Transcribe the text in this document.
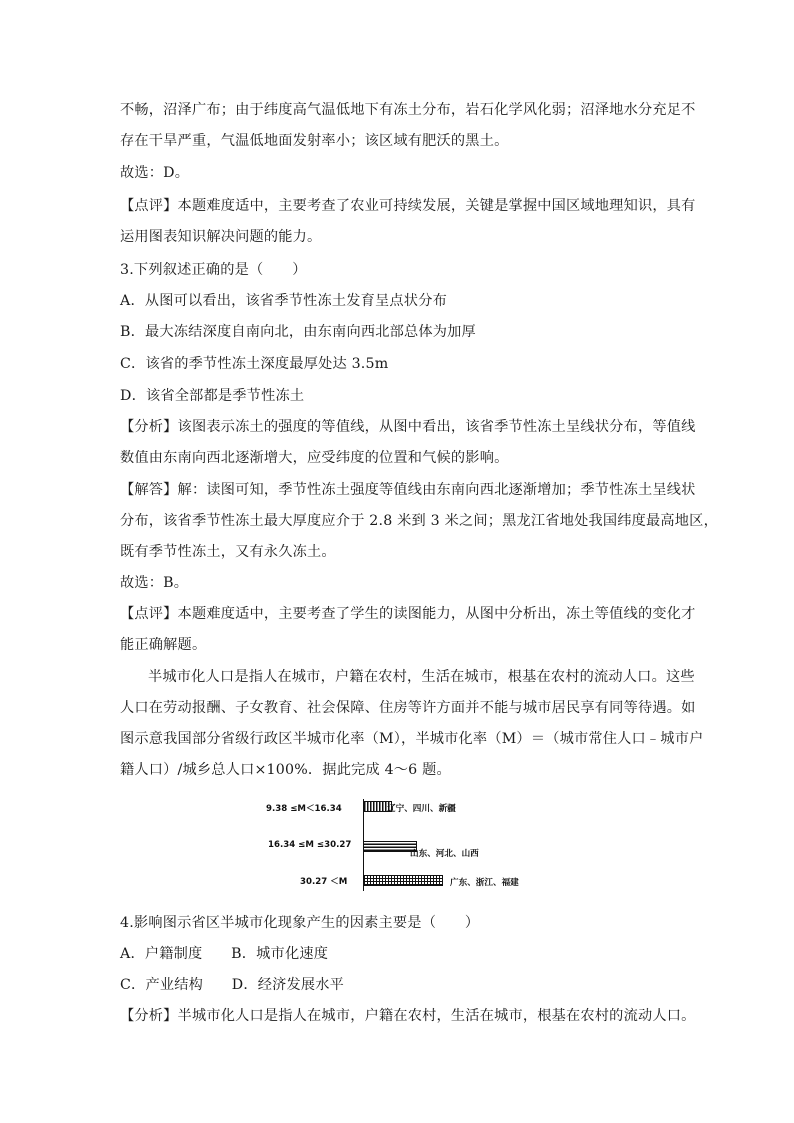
不畅，沼泽广布；由于纬度高气温低地下有冻土分布，岩石化学风化弱；沼泽地水分充足不
存在干旱严重，气温低地面发射率小；该区域有肥沃的黑土。
故选：D。
【点评】本题难度适中，主要考查了农业可持续发展，关键是掌握中国区域地理知识，具有
运用图表知识解决问题的能力。
3.下列叙述正确的是（　　）
A．从图可以看出，该省季节性冻土发育呈点状分布
B．最大冻结深度自南向北，由东南向西北部总体为加厚
C．该省的季节性冻土深度最厚处达 3.5m
D．该省全部都是季节性冻土
【分析】该图表示冻土的强度的等值线，从图中看出，该省季节性冻土呈线状分布，等值线
数值由东南向西北逐渐增大，应受纬度的位置和气候的影响。
【解答】解：读图可知，季节性冻土强度等值线由东南向西北逐渐增加；季节性冻土呈线状
分布，该省季节性冻土最大厚度应介于 2.8 米到 3 米之间；黑龙江省地处我国纬度最高地区，
既有季节性冻土，又有永久冻土。
故选：B。
【点评】本题难度适中，主要考查了学生的读图能力，从图中分析出，冻土等值线的变化才
能正确解题。
半城市化人口是指人在城市，户籍在农村，生活在城市，根基在农村的流动人口。这些
人口在劳动报酬、子女教育、社会保障、住房等许方面并不能与城市居民享有同等待遇。如
图示意我国部分省级行政区半城市化率（M），半城市化率（M）＝（城市常住人口﹣城市户
籍人口）/城乡总人口×100%．据此完成 4～6 题。
9.38 ≤M＜16.34	辽宁、四川、新疆
16.34 ≤M ≤30.27
山东、河北、山西
30.27 ＜M	广东、浙江、福建
4.影响图示省区半城市化现象产生的因素主要是（　　）
A．户籍制度　　B．城市化速度
C．产业结构　　D．经济发展水平
【分析】半城市化人口是指人在城市，户籍在农村，生活在城市，根基在农村的流动人口。
